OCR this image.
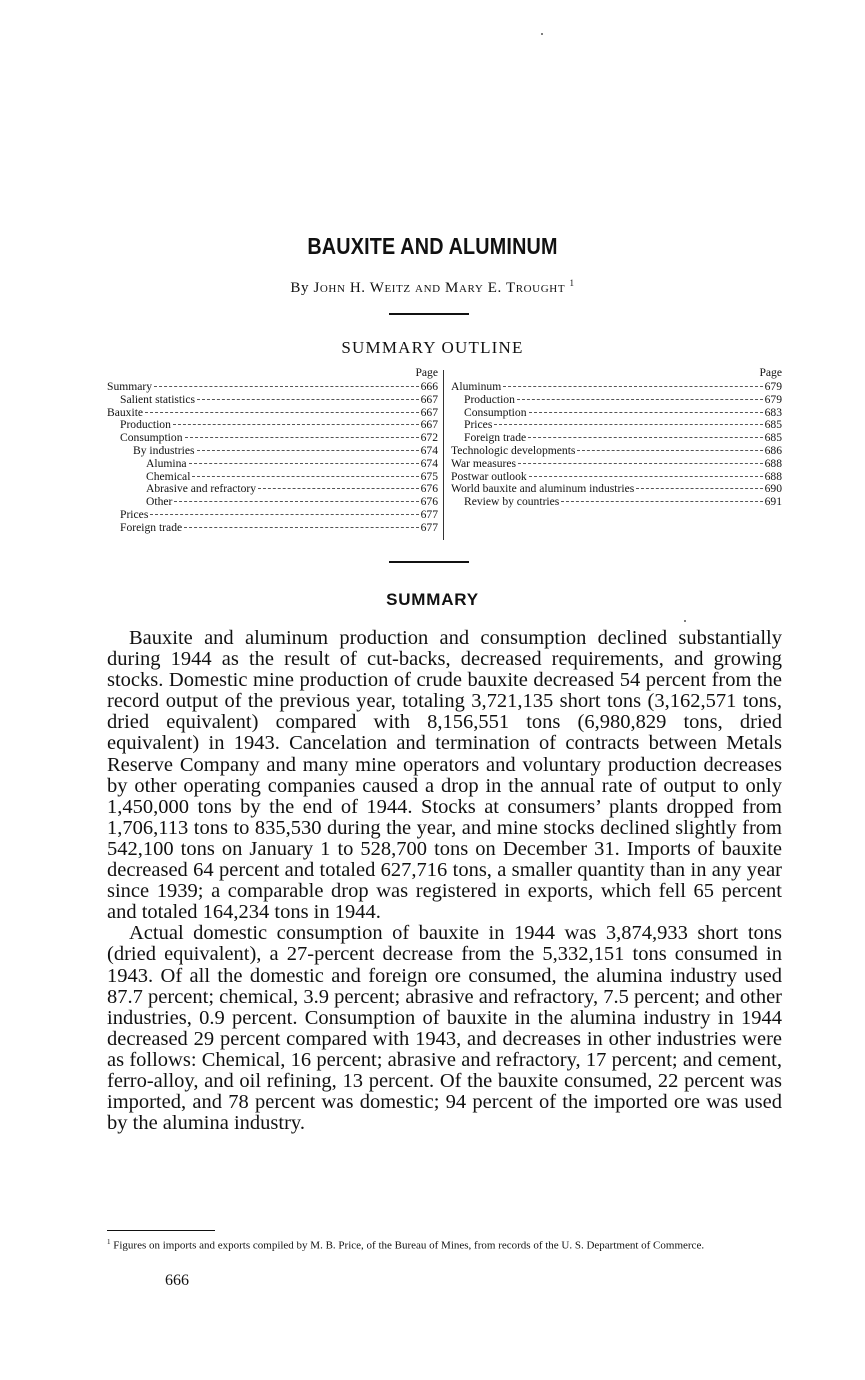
BAUXITE AND ALUMINUM
By John H. Weitz and Mary E. Trought $^1$
SUMMARY OUTLINE
Page
Summary	666
Salient statistics	667
Bauxite	667
Production	667
Consumption	672
By industries	674
Alumina	674
Chemical	675
Abrasive and refractory	676
Other	676
Prices	677
Foreign trade	677
Page
Aluminum	679
Production	679
Consumption	683
Prices	685
Foreign trade	685
Technologic developments	686
War measures	688
Postwar outlook	688
World bauxite and aluminum industries	690
Review by countries	691
SUMMARY

Bauxite and aluminum production and consumption declined substantially during 1944 as the result of cut-backs, decreased requirements, and growing stocks. Domestic mine production of crude bauxite decreased 54 percent from the record output of the previous year, totaling 3,721,135 short tons (3,162,571 tons, dried equivalent) compared with 8,156,551 tons (6,980,829 tons, dried equivalent) in 1943. Cancelation and termination of contracts between Metals Reserve Company and many mine operators and voluntary production decreases by other operating companies caused a drop in the annual rate of output to only 1,450,000 tons by the end of 1944. Stocks at consumers’ plants dropped from 1,706,113 tons to 835,530 during the year, and mine stocks declined slightly from 542,100 tons on January 1 to 528,700 tons on December 31. Imports of bauxite decreased 64 percent and totaled 627,716 tons, a smaller quantity than in any year since 1939; a comparable drop was registered in exports, which fell 65 percent and totaled 164,234 tons in 1944.

Actual domestic consumption of bauxite in 1944 was 3,874,933 short tons (dried equivalent), a 27-percent decrease from the 5,332,151 tons consumed in 1943. Of all the domestic and foreign ore consumed, the alumina industry used 87.7 percent; chemical, 3.9 percent; abrasive and refractory, 7.5 percent; and other industries, 0.9 percent. Consumption of bauxite in the alumina industry in 1944 decreased 29 percent compared with 1943, and decreases in other industries were as follows: Chemical, 16 percent; abrasive and refractory, 17 percent; and cement, ferro-alloy, and oil refining, 13 percent. Of the bauxite consumed, 22 percent was imported, and 78 percent was domestic; 94 percent of the imported ore was used by the alumina industry.

$^1$ Figures on imports and exports compiled by M. B. Price, of the Bureau of Mines, from records of the U. S. Department of Commerce.
666
